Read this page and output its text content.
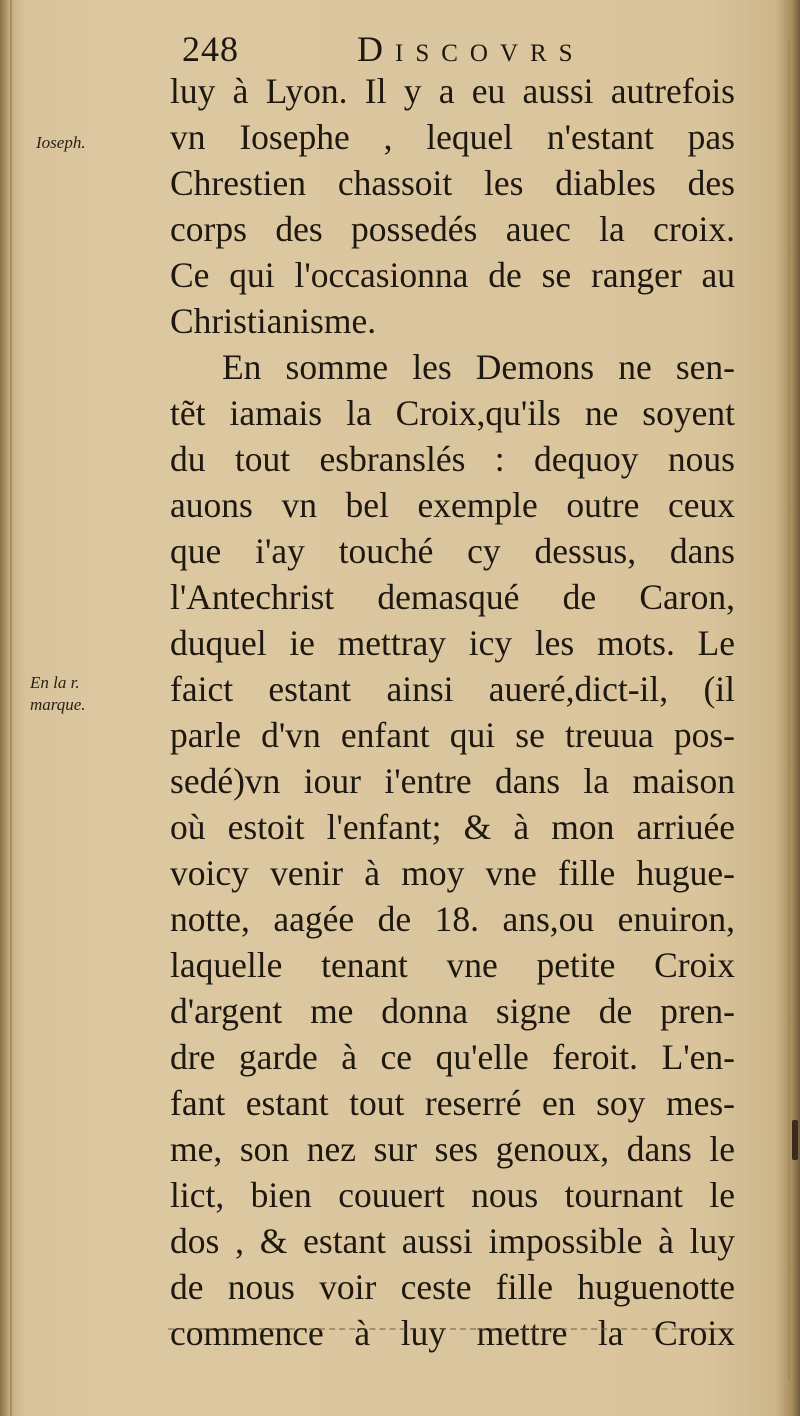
248	Discovrs
Ioseph.
En la r.
marque.
luy à Lyon. Il y a eu aussi autrefois
vn Iosephe , lequel n'estant pas
Chrestien chassoit les diables des
corps des possedés auec la croix.
Ce qui l'occasionna de se ranger au
Christianisme.
En somme les Demons ne sen-
tẽt iamais la Croix,qu'ils ne soyent
du tout esbranslés : dequoy nous
auons vn bel exemple outre ceux
que i'ay touché cy dessus, dans
l'Antechrist demasqué de Caron,
duquel ie mettray icy les mots. Le
faict estant ainsi aueré,dict-il, (il
parle d'vn enfant qui se treuua pos-
sedé)vn iour i'entre dans la maison
où estoit l'enfant; & à mon arriuée
voicy venir à moy vne fille hugue-
notte, aagée de 18. ans,ou enuiron,
laquelle tenant vne petite Croix
d'argent me donna signe de pren-
dre garde à ce qu'elle feroit. L'en-
fant estant tout reserré en soy mes-
me, son nez sur ses genoux, dans le
lict, bien couuert nous tournant le
dos , & estant aussi impossible à luy
de nous voir ceste fille huguenotte
commence à luy mettre la Croix
